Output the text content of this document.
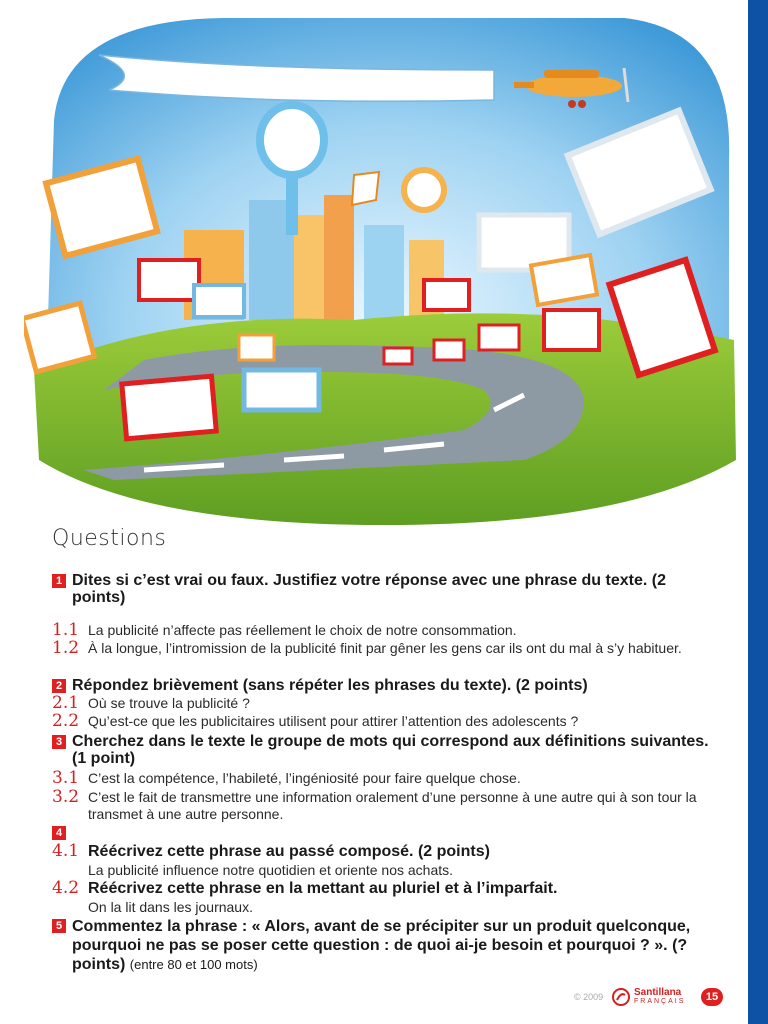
Questions
1 Dites si c’est vrai ou faux. Justifiez votre réponse avec une phrase du texte. (2 points)
1.1 La publicité n’affecte pas réellement le choix de notre consommation.
1.2 À la longue, l’intromission de la publicité finit par gêner les gens car ils ont du mal à s’y habituer.
2 Répondez brièvement (sans répéter les phrases du texte). (2 points)
2.1 Où se trouve la publicité ?
2.2 Qu’est-ce que les publicitaires utilisent pour attirer l’attention des adolescents ?
3 Cherchez dans le texte le groupe de mots qui correspond aux définitions suivantes. (1 point)
3.1 C’est la compétence, l’habileté, l’ingéniosité pour faire quelque chose.
3.2 C’est le fait de transmettre une information oralement d’une personne à une autre qui à son tour la transmet à une autre personne.
4
4.1 Réécrivez cette phrase au passé composé. (2 points)
La publicité influence notre quotidien et oriente nos achats.
4.2 Réécrivez cette phrase en la mettant au pluriel et à l’imparfait.
On la lit dans les journaux.
5 Commentez la phrase : « Alors, avant de se précipiter sur un produit quelconque, pourquoi ne pas se poser cette question : de quoi ai-je besoin et pourquoi ? ». (? points) (entre 80 et 100 mots)
© 2009	Santillana
FRANÇAIS	15
